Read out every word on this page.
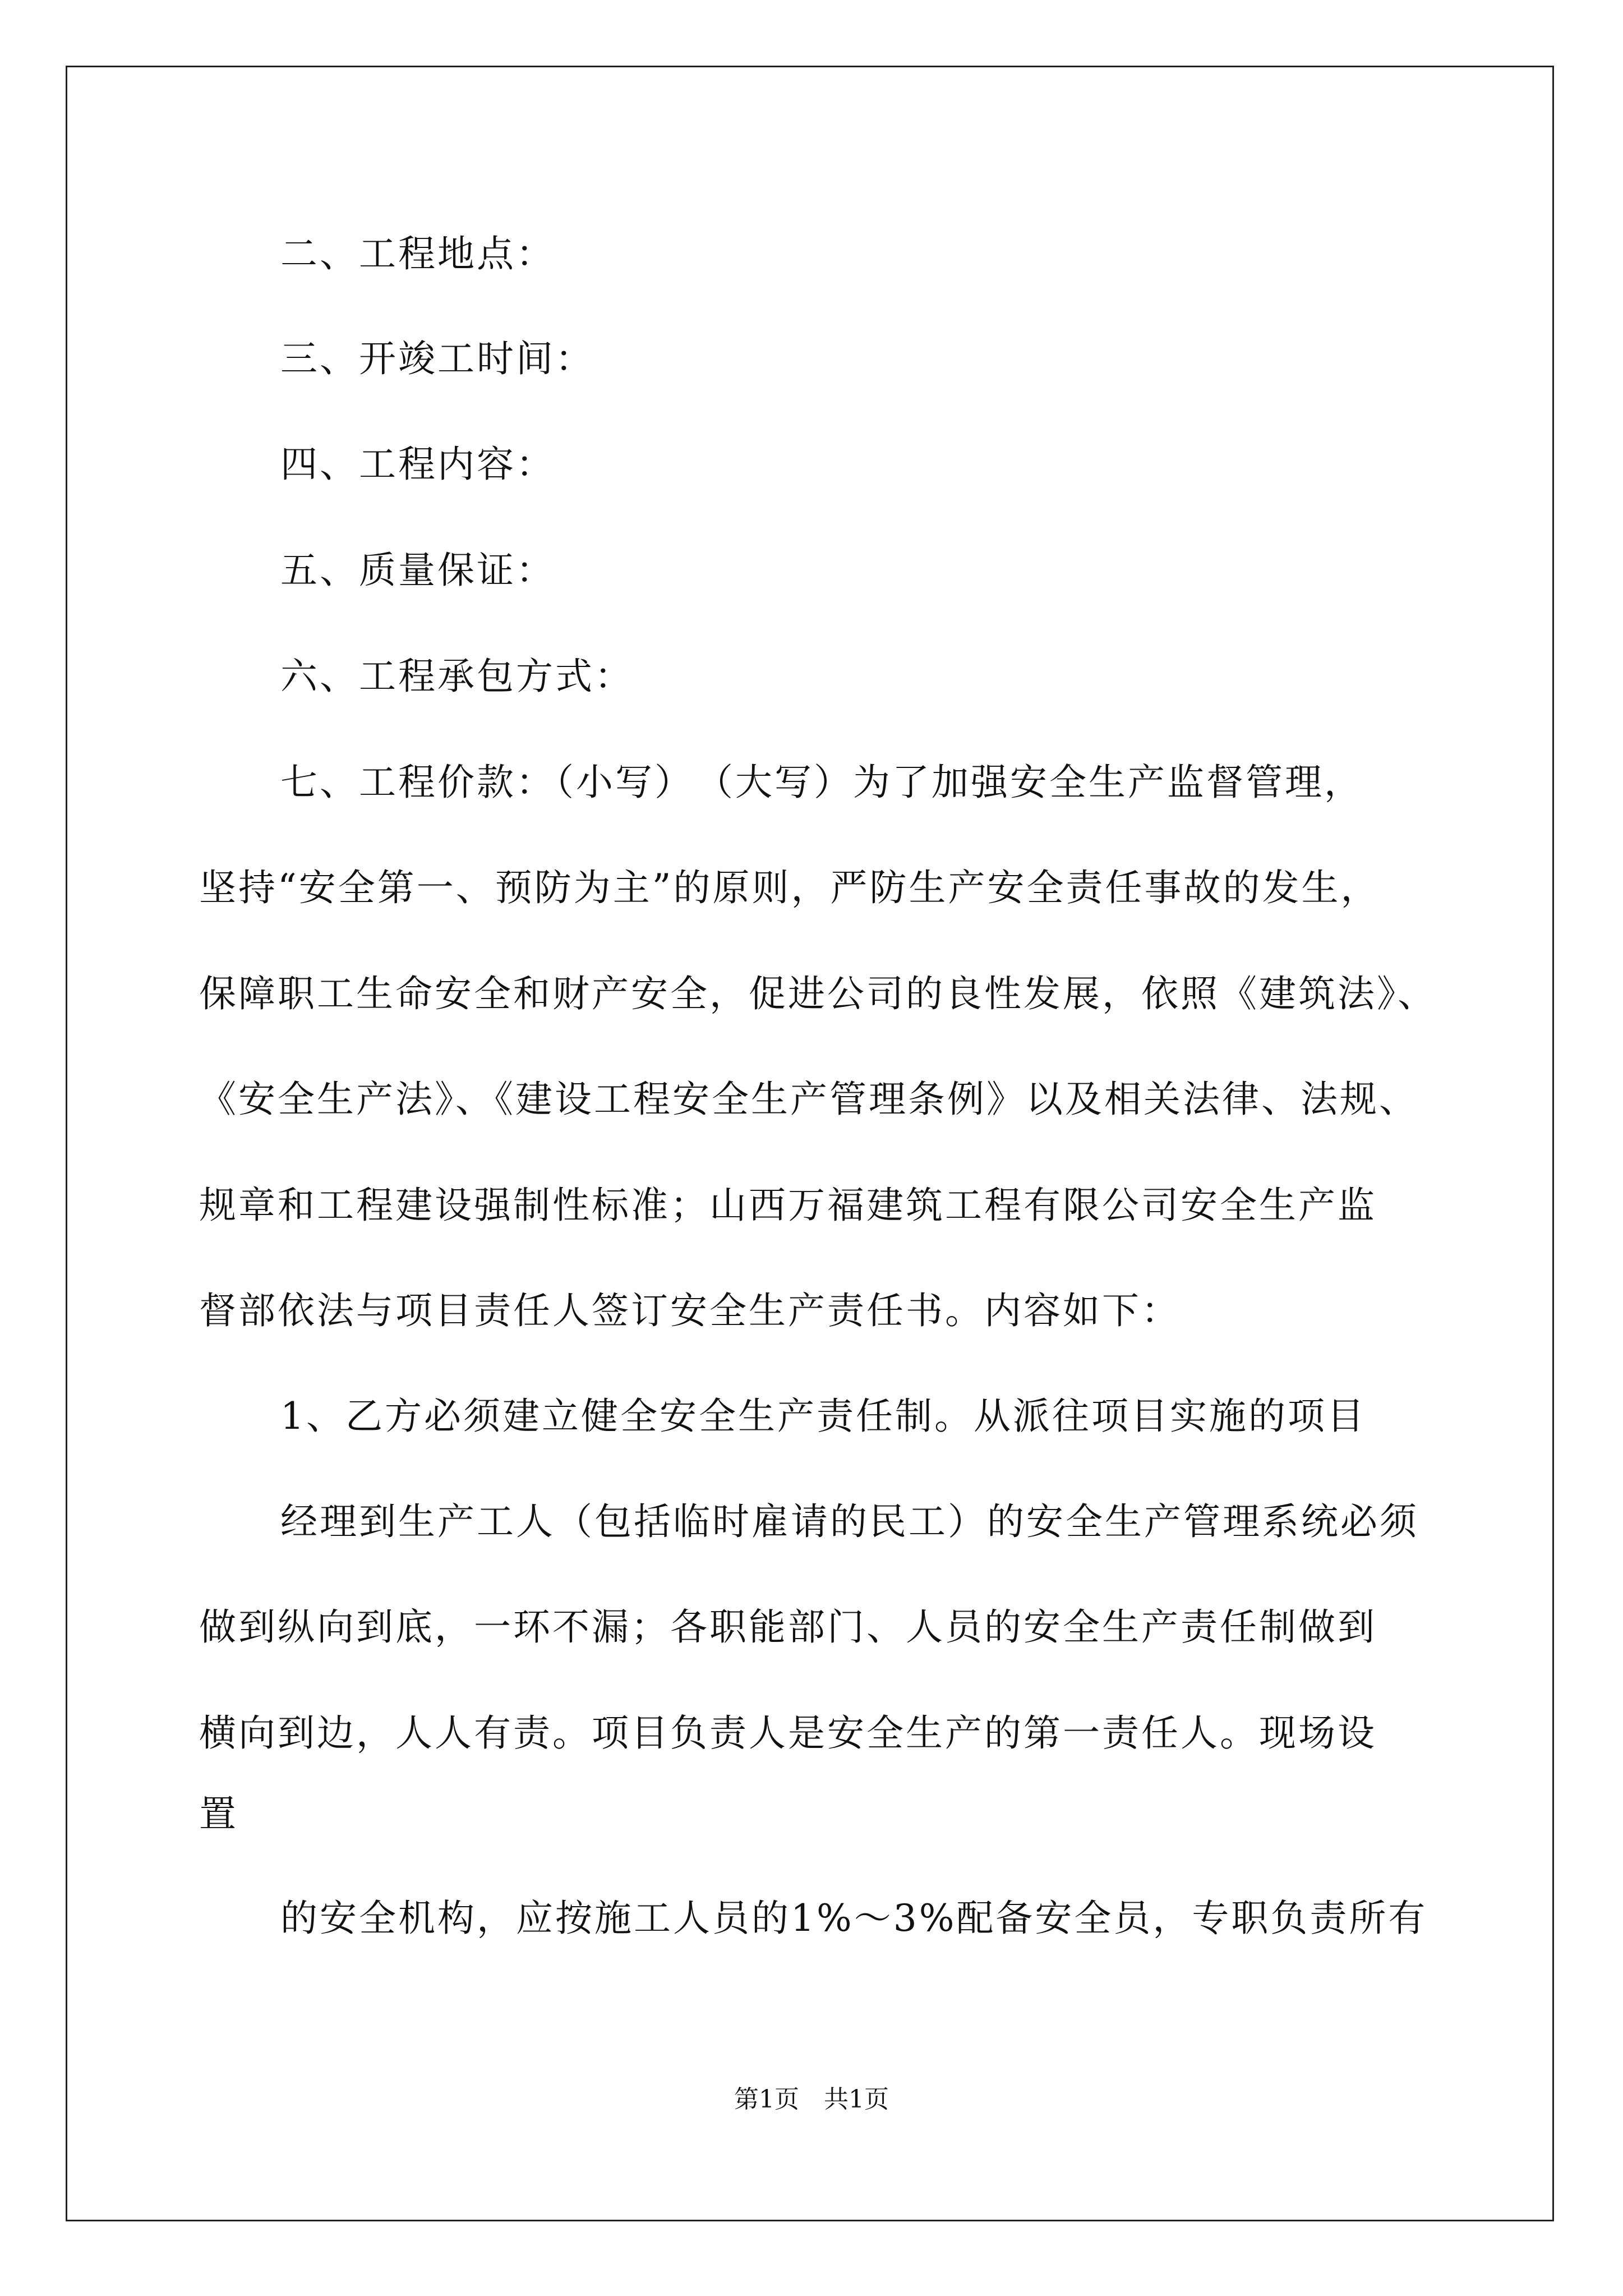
二、工程地点：
三、开竣工时间：
四、工程内容：
五、质量保证：
六、工程承包方式：
七、工程价款：（小写）　（大写）为了加强安全生产监督管理，
坚持“安全第一、预防为主”的原则，严防生产安全责任事故的发生，
保障职工生命安全和财产安全，促进公司的良性发展，依照《建筑法》、
《安全生产法》、《建设工程安全生产管理条例》以及相关法律、法规、
规章和工程建设强制性标准；山西万福建筑工程有限公司安全生产监
督部依法与项目责任人签订安全生产责任书。内容如下：
1、乙方必须建立健全安全生产责任制。从派往项目实施的项目
经理到生产工人（包括临时雇请的民工）的安全生产管理系统必须
做到纵向到底，一环不漏；各职能部门、人员的安全生产责任制做到
横向到边，人人有责。项目负责人是安全生产的第一责任人。现场设
置
的安全机构，应按施工人员的1%～3%配备安全员，专职负责所有
第1页　共1页
